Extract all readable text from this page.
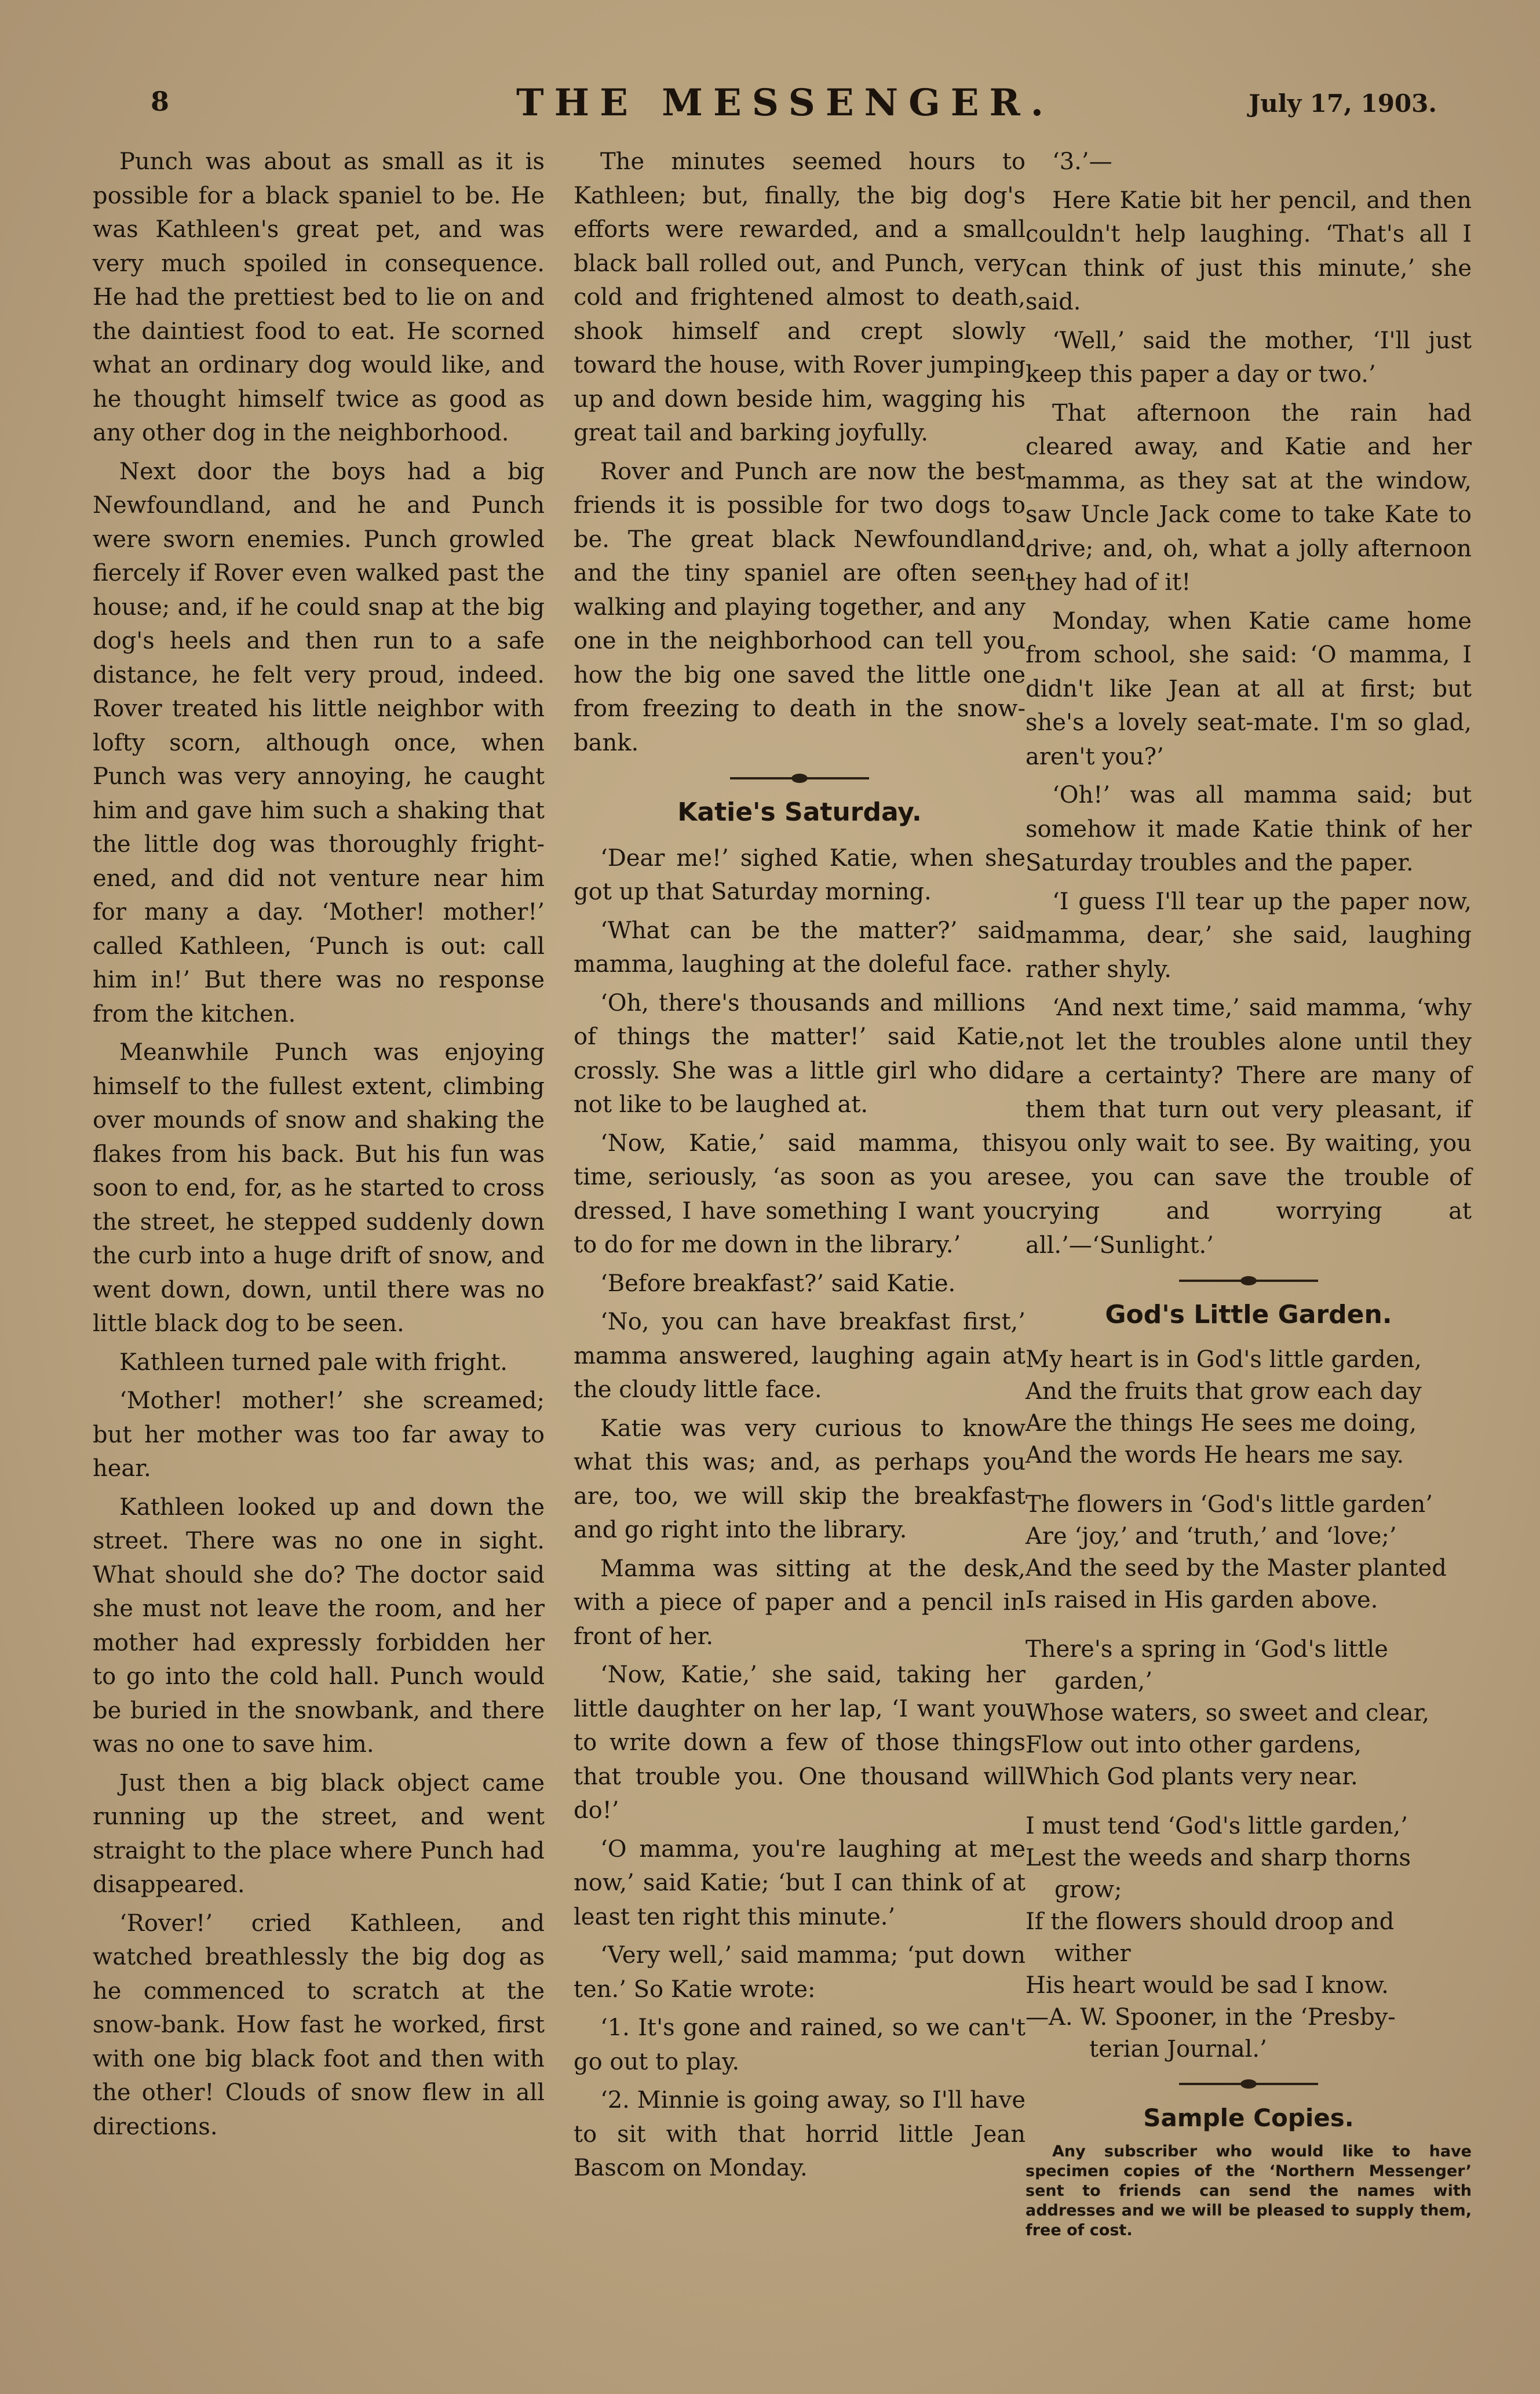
8	THE MESSENGER.	July 17, 1903.

Punch was about as small as it is possible for a black spaniel to be. He was Kathleen's great pet, and was very much spoiled in consequence. He had the prettiest bed to lie on and the daintiest food to eat. He scorned what an ordinary dog would like, and he thought himself twice as good as any other dog in the neighborhood.

Next door the boys had a big Newfoundland, and he and Punch were sworn enemies. Punch growled fiercely if Rover even walked past the house; and, if he could snap at the big dog's heels and then run to a safe distance, he felt very proud, indeed. Rover treated his little neighbor with lofty scorn, although once, when Punch was very annoying, he caught him and gave him such a shaking that the little dog was thoroughly frightened, and did not venture near him for many a day. ‘Mother! mother!’ called Kathleen, ‘Punch is out: call him in!’ But there was no response from the kitchen.

Meanwhile Punch was enjoying himself to the fullest extent, climbing over mounds of snow and shaking the flakes from his back. But his fun was soon to end, for, as he started to cross the street, he stepped suddenly down the curb into a huge drift of snow, and went down, down, until there was no little black dog to be seen.

Kathleen turned pale with fright.

‘Mother! mother!’ she screamed; but her mother was too far away to hear.

Kathleen looked up and down the street. There was no one in sight. What should she do? The doctor said she must not leave the room, and her mother had expressly forbidden her to go into the cold hall. Punch would be buried in the snowbank, and there was no one to save him.

Just then a big black object came running up the street, and went straight to the place where Punch had disappeared.

‘Rover!’ cried Kathleen, and watched breathlessly the big dog as he commenced to scratch at the snow-bank. How fast he worked, first with one big black foot and then with the other! Clouds of snow flew in all directions.

The minutes seemed hours to Kathleen; but, finally, the big dog's efforts were rewarded, and a small black ball rolled out, and Punch, very cold and frightened almost to death, shook himself and crept slowly toward the house, with Rover jumping up and down beside him, wagging his great tail and barking joyfully.

Rover and Punch are now the best friends it is possible for two dogs to be. The great black Newfoundland and the tiny spaniel are often seen walking and playing together, and any one in the neighborhood can tell you how the big one saved the little one from freezing to death in the snow-bank.

Katie's Saturday.

‘Dear me!’ sighed Katie, when she got up that Saturday morning.

‘What can be the matter?’ said mamma, laughing at the doleful face.

‘Oh, there's thousands and millions of things the matter!’ said Katie, crossly. She was a little girl who did not like to be laughed at.

‘Now, Katie,’ said mamma, this time, seriously, ‘as soon as you are dressed, I have something I want you to do for me down in the library.’

‘Before breakfast?’ said Katie.

‘No, you can have breakfast first,’ mamma answered, laughing again at the cloudy little face.

Katie was very curious to know what this was; and, as perhaps you are, too, we will skip the breakfast and go right into the library.

Mamma was sitting at the desk, with a piece of paper and a pencil in front of her.

‘Now, Katie,’ she said, taking her little daughter on her lap, ‘I want you to write down a few of those things that trouble you. One thousand will do!’

‘O mamma, you're laughing at me now,’ said Katie; ‘but I can think of at least ten right this minute.’

‘Very well,’ said mamma; ‘put down ten.’ So Katie wrote:

‘1. It's gone and rained, so we can't go out to play.

‘2. Minnie is going away, so I'll have to sit with that horrid little Jean Bascom on Monday.

‘3.’—

Here Katie bit her pencil, and then couldn't help laughing. ‘That's all I can think of just this minute,’ she said.

‘Well,’ said the mother, ‘I'll just keep this paper a day or two.’

That afternoon the rain had cleared away, and Katie and her mamma, as they sat at the window, saw Uncle Jack come to take Kate to drive; and, oh, what a jolly afternoon they had of it!

Monday, when Katie came home from school, she said: ‘O mamma, I didn't like Jean at all at first; but she's a lovely seat-mate. I'm so glad, aren't you?’

‘Oh!’ was all mamma said; but somehow it made Katie think of her Saturday troubles and the paper.

‘I guess I'll tear up the paper now, mamma, dear,’ she said, laughing rather shyly.

‘And next time,’ said mamma, ‘why not let the troubles alone until they are a certainty? There are many of them that turn out very pleasant, if you only wait to see. By waiting, you see, you can save the trouble of crying and worrying at all.’—‘Sunlight.’

God's Little Garden.
My heart is in God's little garden,
And the fruits that grow each day
Are the things He sees me doing,
And the words He hears me say.
The flowers in ‘God's little garden’
Are ‘joy,’ and ‘truth,’ and ‘love;’
And the seed by the Master planted
Is raised in His garden above.
There's a spring in ‘God's little
garden,’
Whose waters, so sweet and clear,
Flow out into other gardens,
Which God plants very near.
I must tend ‘God's little garden,’
Lest the weeds and sharp thorns
grow;
If the flowers should droop and
wither
His heart would be sad I know.
—A. W. Spooner, in the ‘Presby-
terian Journal.’
Sample Copies.

Any subscriber who would like to have specimen copies of the ‘Northern Messenger’ sent to friends can send the names with addresses and we will be pleased to supply them, free of cost.
